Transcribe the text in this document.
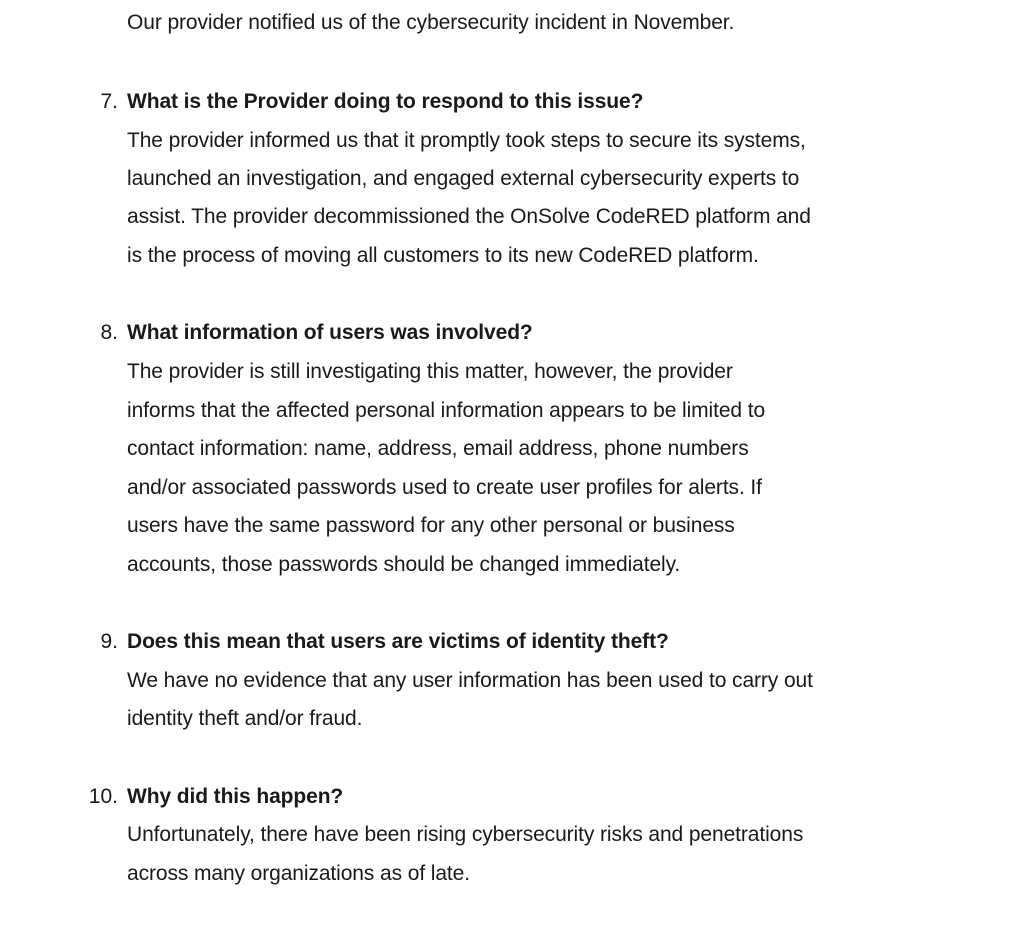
Our provider notified us of the cybersecurity incident in November.
7. What is the Provider doing to respond to this issue?
The provider informed us that it promptly took steps to secure its systems,
launched an investigation, and engaged external cybersecurity experts to
assist. The provider decommissioned the OnSolve CodeRED platform and
is the process of moving all customers to its new CodeRED platform.
8. What information of users was involved?
The provider is still investigating this matter, however, the provider
informs that the affected personal information appears to be limited to
contact information: name, address, email address, phone numbers
and/or associated passwords used to create user profiles for alerts. If
users have the same password for any other personal or business
accounts, those passwords should be changed immediately.
9. Does this mean that users are victims of identity theft?
We have no evidence that any user information has been used to carry out
identity theft and/or fraud.
10. Why did this happen?
Unfortunately, there have been rising cybersecurity risks and penetrations
across many organizations as of late.
